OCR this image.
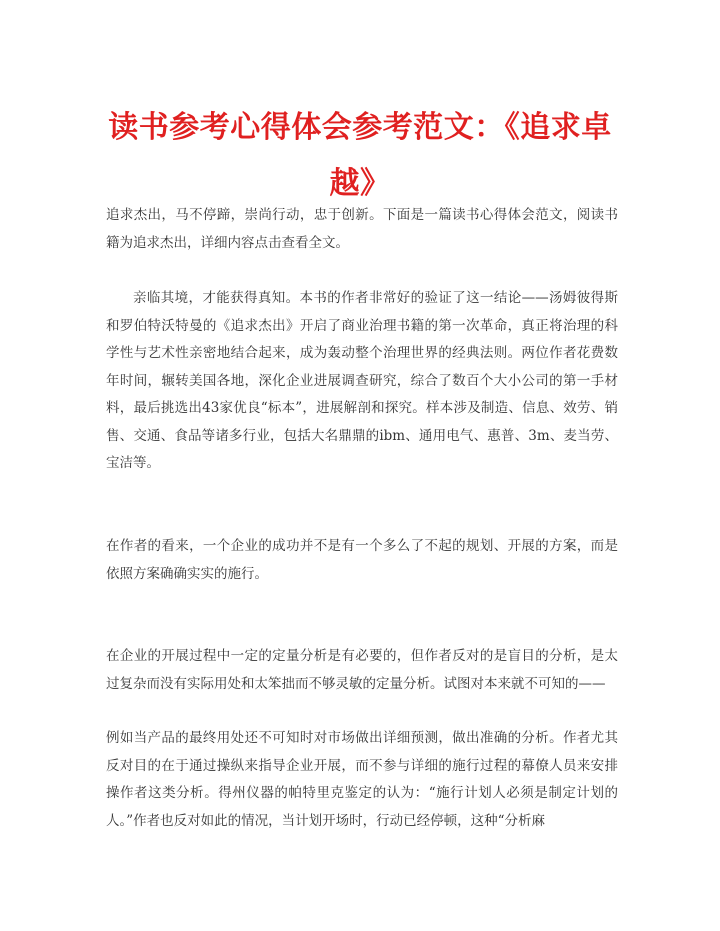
读书参考心得体会参考范文：《追求卓越》

追求杰出，马不停蹄，崇尚行动，忠于创新。下面是一篇读书心得体会范文，阅读书籍为追求杰出，详细内容点击查看全文。

亲临其境，才能获得真知。本书的作者非常好的验证了这一结论——汤姆彼得斯和罗伯特沃特曼的《追求杰出》开启了商业治理书籍的第一次革命，真正将治理的科学性与艺术性亲密地结合起来，成为轰动整个治理世界的经典法则。两位作者花费数年时间，辗转美国各地，深化企业进展调查研究，综合了数百个大小公司的第一手材料，最后挑选出43家优良“标本”，进展解剖和探究。样本涉及制造、信息、效劳、销售、交通、食品等诸多行业，包括大名鼎鼎的ibm、通用电气、惠普、3m、麦当劳、宝洁等。

在作者的看来，一个企业的成功并不是有一个多么了不起的规划、开展的方案，而是依照方案确确实实的施行。

在企业的开展过程中一定的定量分析是有必要的，但作者反对的是盲目的分析，是太过复杂而没有实际用处和太笨拙而不够灵敏的定量分析。试图对本来就不可知的——

例如当产品的最终用处还不可知时对市场做出详细预测，做出准确的分析。作者尤其反对目的在于通过操纵来指导企业开展，而不参与详细的施行过程的幕僚人员来安排操作者这类分析。得州仪器的帕特里克鉴定的认为：“施行计划人必须是制定计划的人。”作者也反对如此的情况，当计划开场时，行动已经停顿，这种“分析麻
